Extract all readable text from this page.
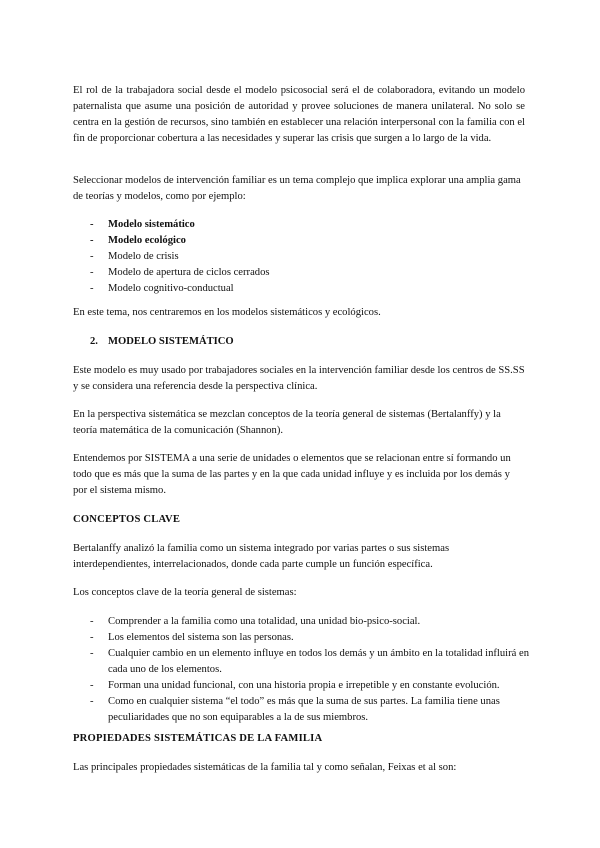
El rol de la trabajadora social desde el modelo psicosocial será el de colaboradora, evitando un modelo paternalista que asume una posición de autoridad y provee soluciones de manera unilateral. No solo se centra en la gestión de recursos, sino también en establecer una relación interpersonal con la familia con el fin de proporcionar cobertura a las necesidades y superar las crisis que surgen a lo largo de la vida.

Seleccionar modelos de intervención familiar es un tema complejo que implica explorar una amplia gama de teorías y modelos, como por ejemplo:

- Modelo sistemático
- Modelo ecológico
- Modelo de crisis
- Modelo de apertura de ciclos cerrados
- Modelo cognitivo-conductual

En este tema, nos centraremos en los modelos sistemáticos y ecológicos.

2. MODELO SISTEMÁTICO

Este modelo es muy usado por trabajadores sociales en la intervención familiar desde los centros de SS.SS y se considera una referencia desde la perspectiva clínica.

En la perspectiva sistemática se mezclan conceptos de la teoría general de sistemas (Bertalanffy) y la teoría matemática de la comunicación (Shannon).

Entendemos por SISTEMA a una serie de unidades o elementos que se relacionan entre sí formando un todo que es más que la suma de las partes y en la que cada unidad influye y es incluida por los demás y por el sistema mismo.

CONCEPTOS CLAVE

Bertalanffy analizó la familia como un sistema integrado por varias partes o sus sistemas interdependientes, interrelacionados, donde cada parte cumple un función específica.

Los conceptos clave de la teoría general de sistemas:

- Comprender a la familia como una totalidad, una unidad bio-psico-social.
- Los elementos del sistema son las personas.
- Cualquier cambio en un elemento influye en todos los demás y un ámbito en la totalidad influirá en cada uno de los elementos.
- Forman una unidad funcional, con una historia propia e irrepetible y en constante evolución.
- Como en cualquier sistema “el todo” es más que la suma de sus partes. La familia tiene unas peculiaridades que no son equiparables a la de sus miembros.
PROPIEDADES SISTEMÁTICAS DE LA FAMILIA

Las principales propiedades sistemáticas de la familia tal y como señalan, Feixas et al son:
